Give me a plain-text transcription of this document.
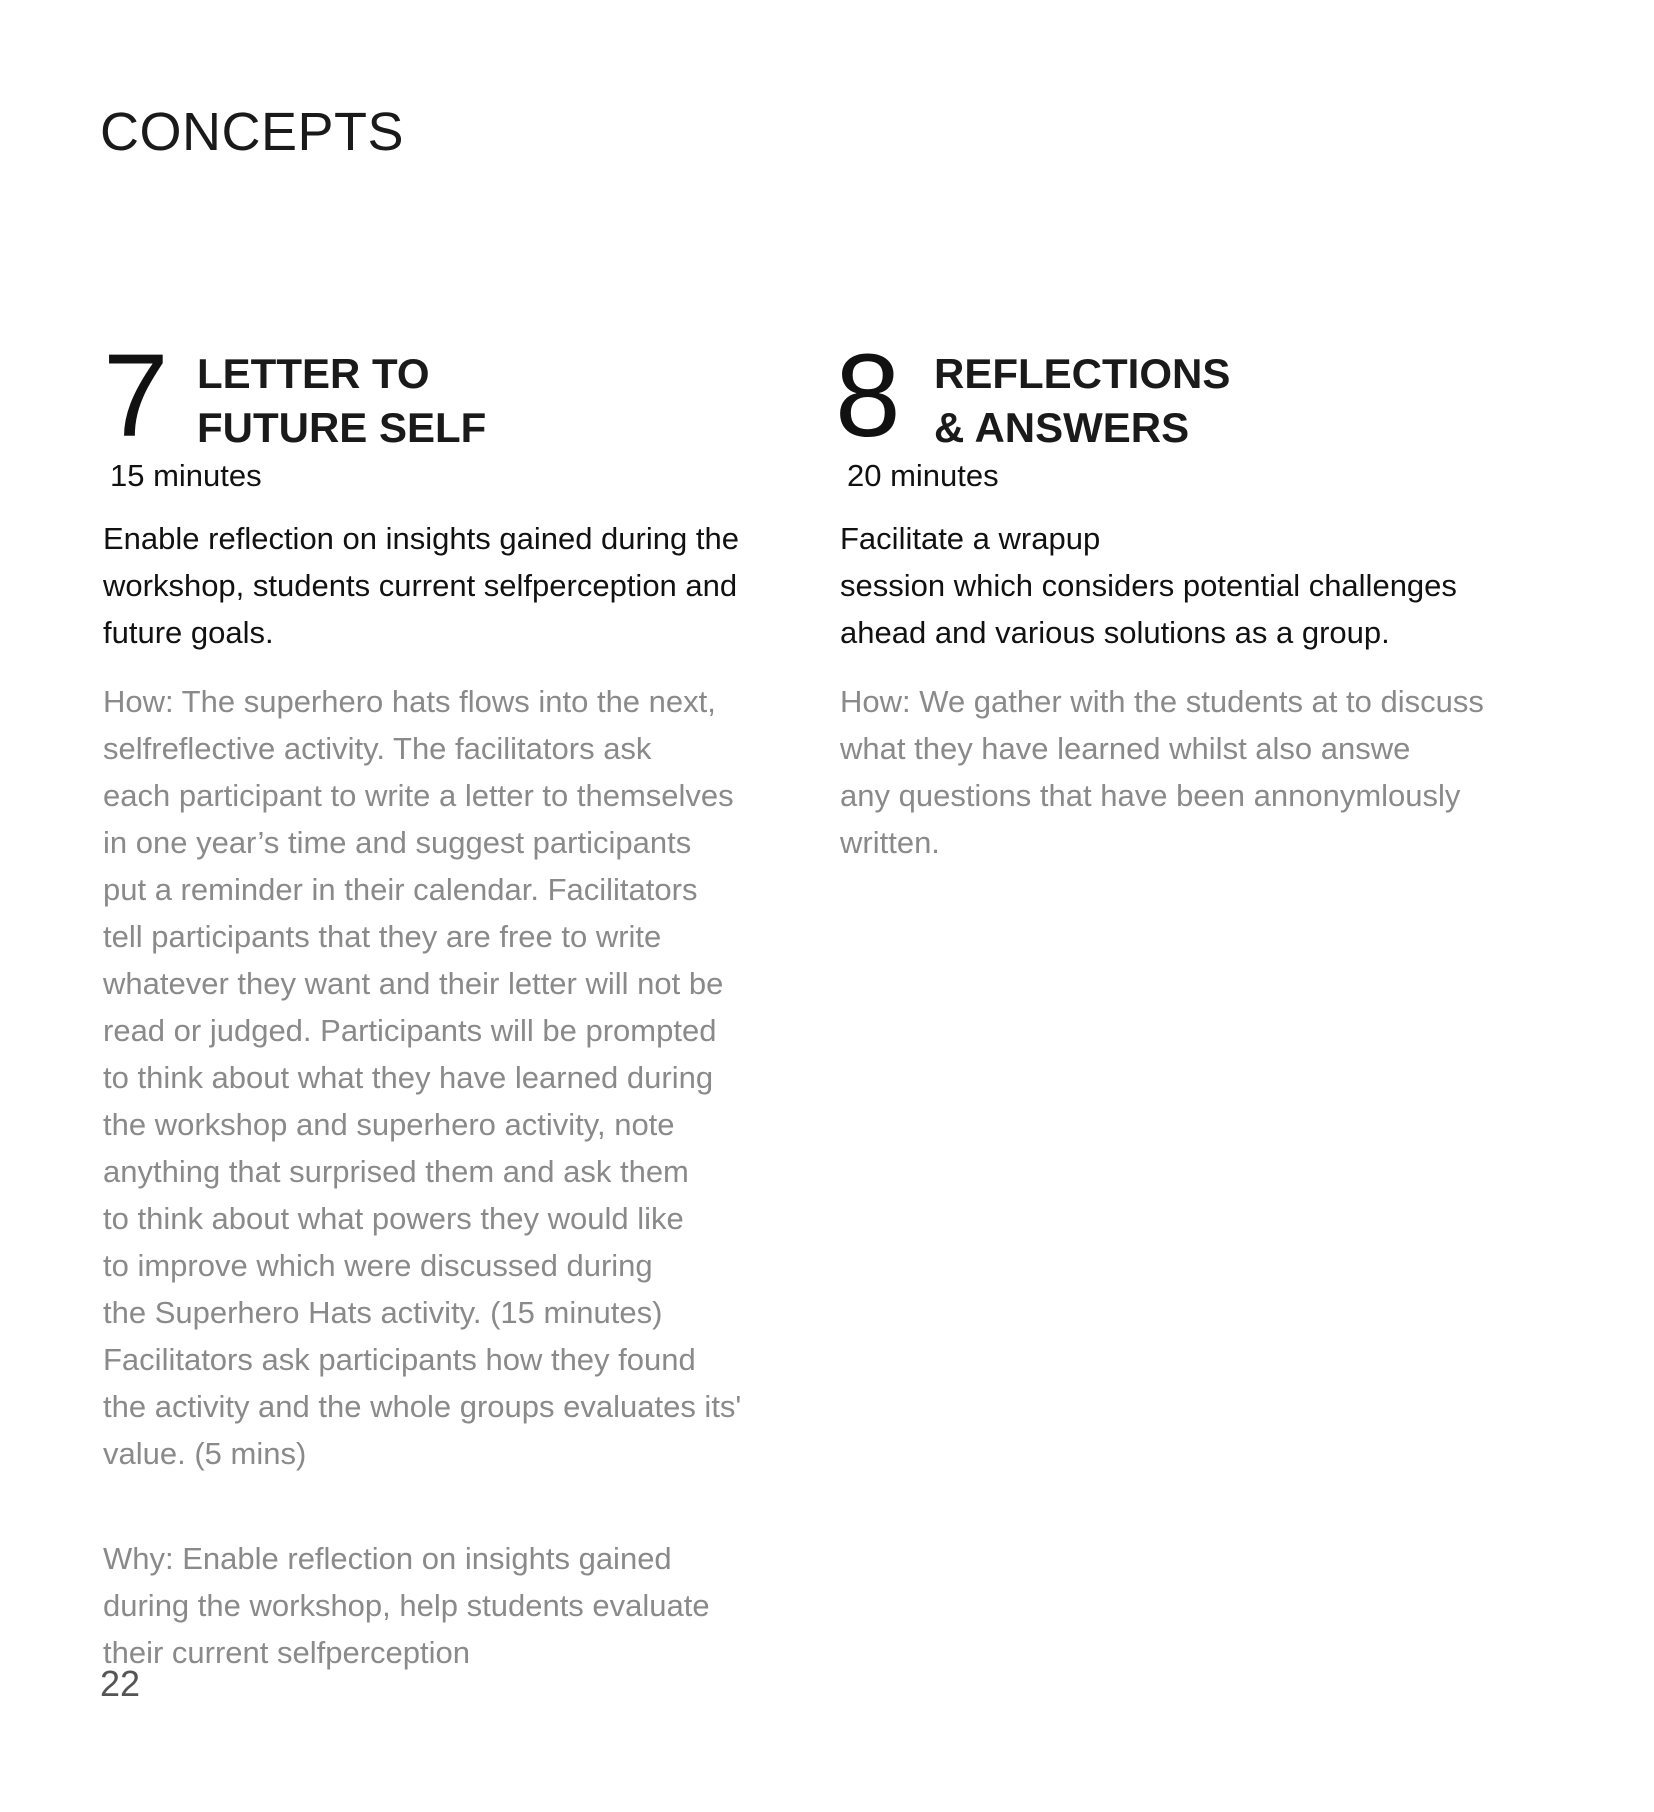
CONCEPTS
7 LETTER TO
FUTURE SELF
15 minutes

Enable reflection on insights gained during the
workshop, students current selfperception and
future goals.

How: The superhero hats flows into the next,
selfreflective activity. The facilitators ask
each participant to write a letter to themselves
in one year’s time and suggest participants
put a reminder in their calendar. Facilitators
tell participants that they are free to write
whatever they want and their letter will not be
read or judged. Participants will be prompted
to think about what they have learned during
the workshop and superhero activity, note
anything that surprised them and ask them
to think about what powers they would like
to improve which were discussed during
the Superhero Hats activity. (15 minutes)
Facilitators ask participants how they found
the activity and the whole groups evaluates its'
value. (5 mins)

Why: Enable reflection on insights gained
during the workshop, help students evaluate
their current selfperception

8 REFLECTIONS
& ANSWERS
20 minutes

Facilitate a wrapup
session which considers potential challenges
ahead and various solutions as a group.

How: We gather with the students at to discuss
what they have learned whilst also answe
any questions that have been annonymlously
written.

22
